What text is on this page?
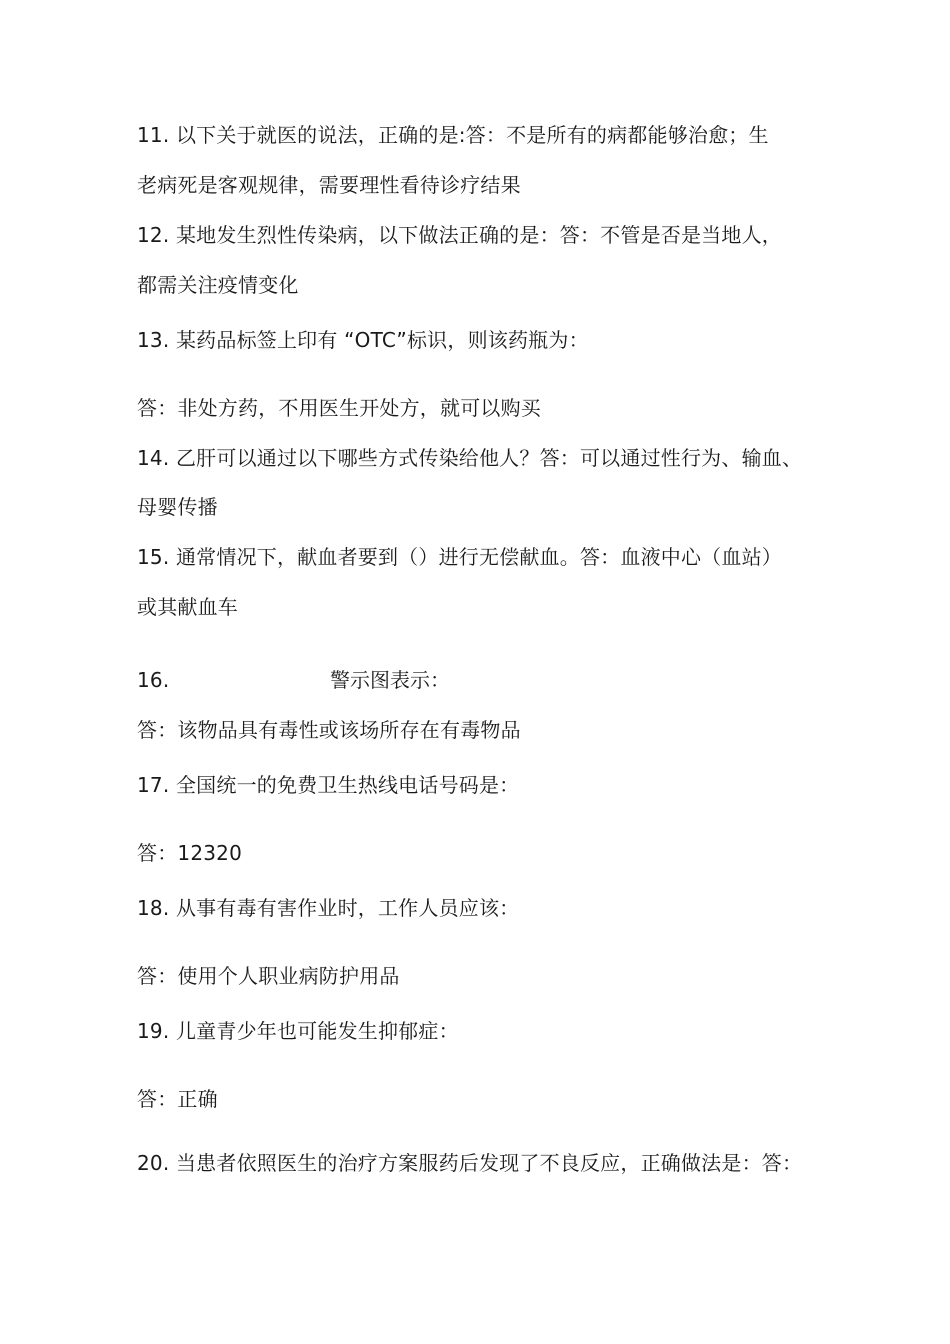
11. 以下关于就医的说法，正确的是:答：不是所有的病都能够治愈；生
老病死是客观规律，需要理性看待诊疗结果
12. 某地发生烈性传染病，以下做法正确的是：答：不管是否是当地人，
都需关注疫情变化
13. 某药品标签上印有 “OTC”标识，则该药瓶为：
答：非处方药，不用医生开处方，就可以购买
14. 乙肝可以通过以下哪些方式传染给他人？答：可以通过性行为、输血、
母婴传播
15. 通常情况下，献血者要到（）进行无偿献血。答：血液中心（血站）
或其献血车
16.	警示图表示：
答：该物品具有毒性或该场所存在有毒物品
17. 全国统一的免费卫生热线电话号码是：
答：12320
18. 从事有毒有害作业时，工作人员应该：
答：使用个人职业病防护用品
19. 儿童青少年也可能发生抑郁症：
答：正确
20. 当患者依照医生的治疗方案服药后发现了不良反应，正确做法是：答：
